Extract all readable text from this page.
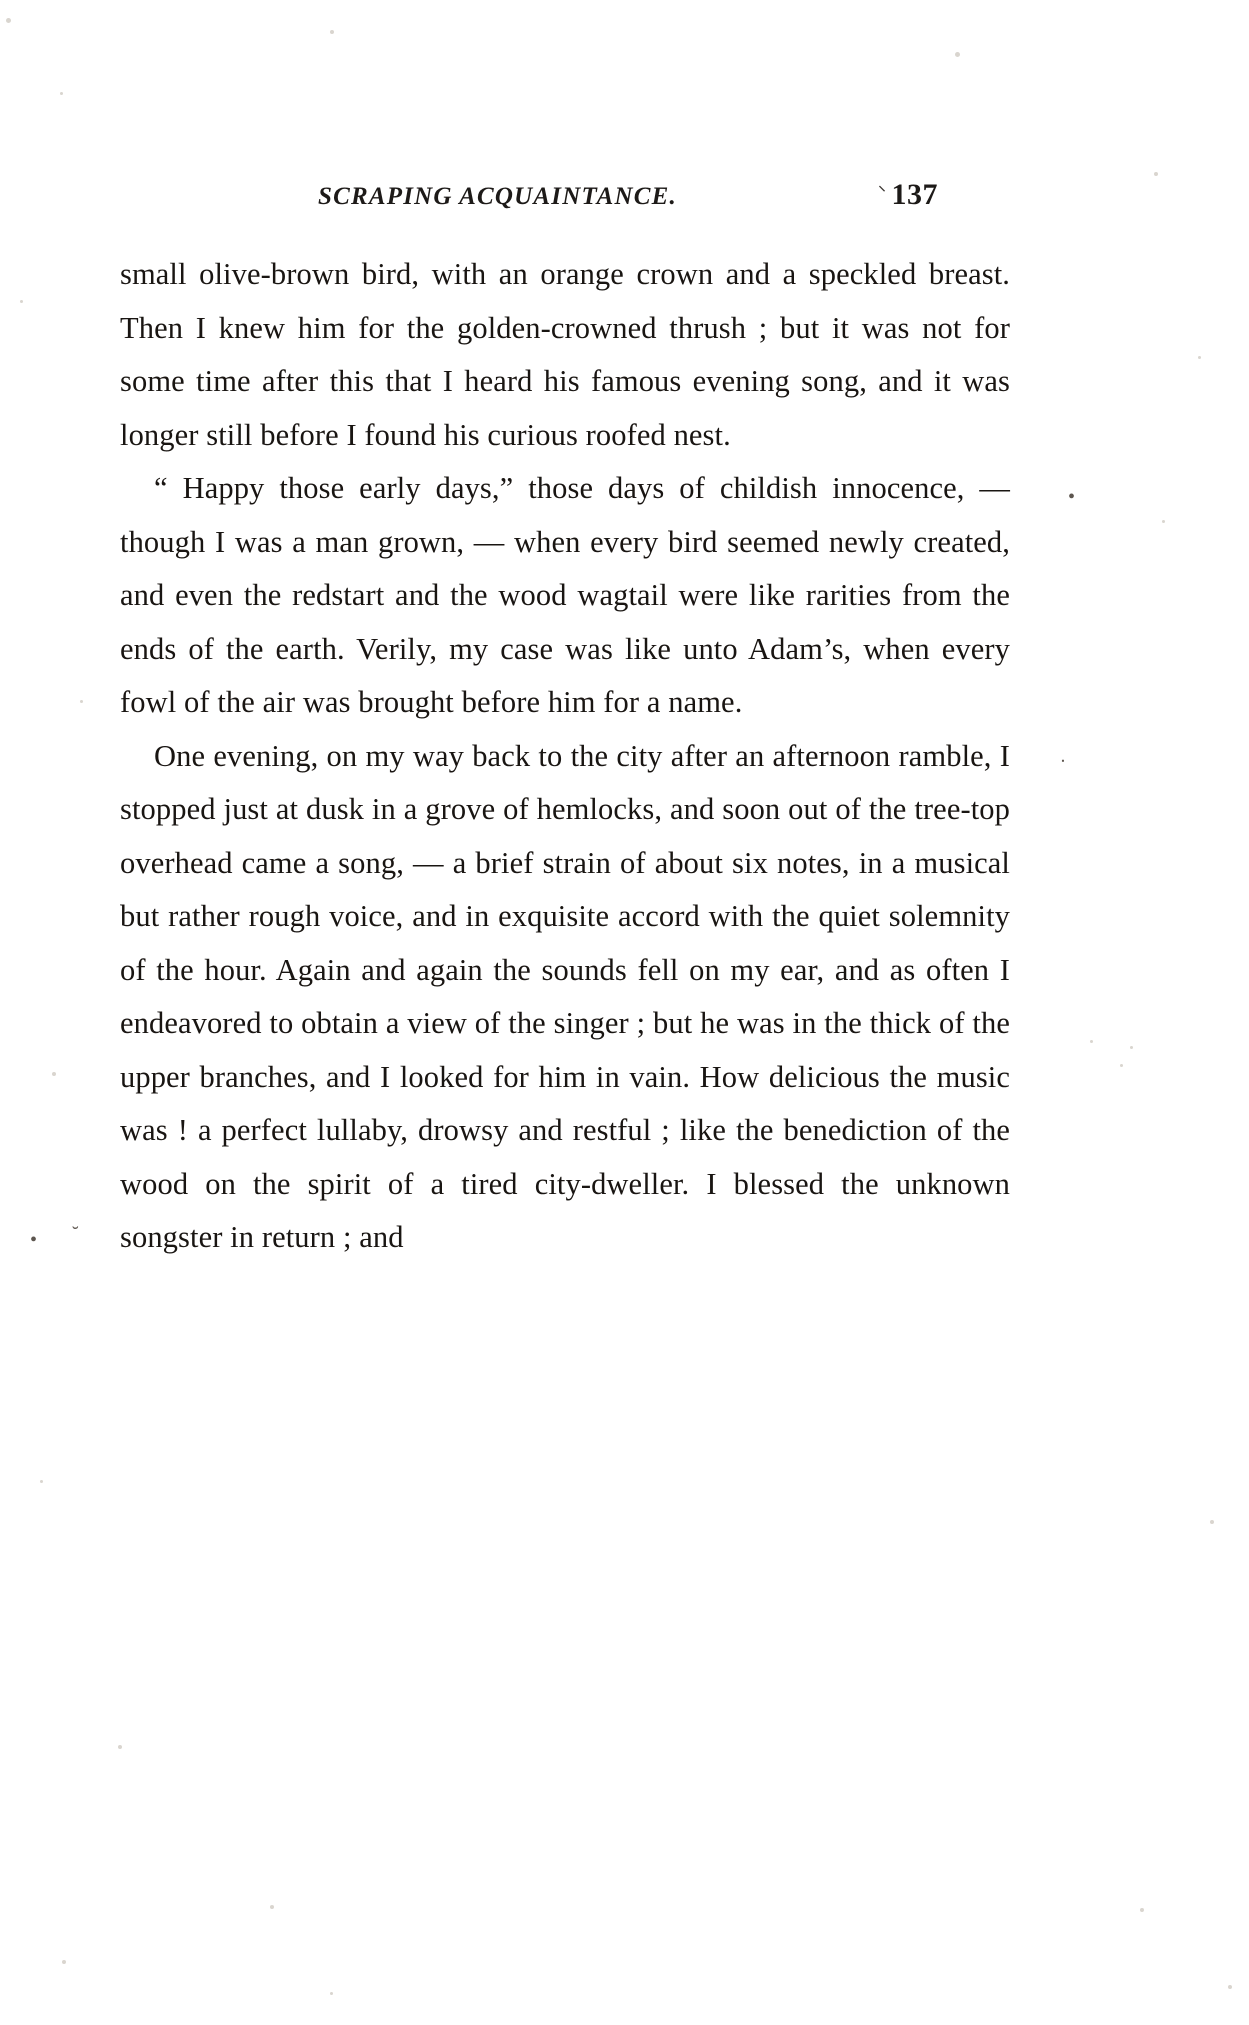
SCRAPING ACQUAINTANCE.	⸌ 137

small olive-brown bird, with an orange crown and a speckled breast. Then I knew him for the golden-crowned thrush ; but it was not for some time after this that I heard his famous evening song, and it was longer still before I found his curious roofed nest.

“ Happy those early days,” those days of childish innocence, — though I was a man grown, — when every bird seemed newly created, and even the redstart and the wood wagtail were like rarities from the ends of the earth. Verily, my case was like unto Adam’s, when every fowl of the air was brought before him for a name.

One evening, on my way back to the city after an afternoon ramble, I stopped just at dusk in a grove of hemlocks, and soon out of the tree-top overhead came a song, — a brief strain of about six notes, in a musical but rather rough voice, and in exquisite accord with the quiet solemnity of the hour. Again and again the sounds fell on my ear, and as often I endeavored to obtain a view of the singer ; but he was in the thick of the upper branches, and I looked for him in vain. How delicious the music was ! a perfect lullaby, drowsy and restful ; like the benediction of the wood on the spirit of a tired city-dweller. I blessed the unknown songster in return ; and

•
ᐧ
• ˘
